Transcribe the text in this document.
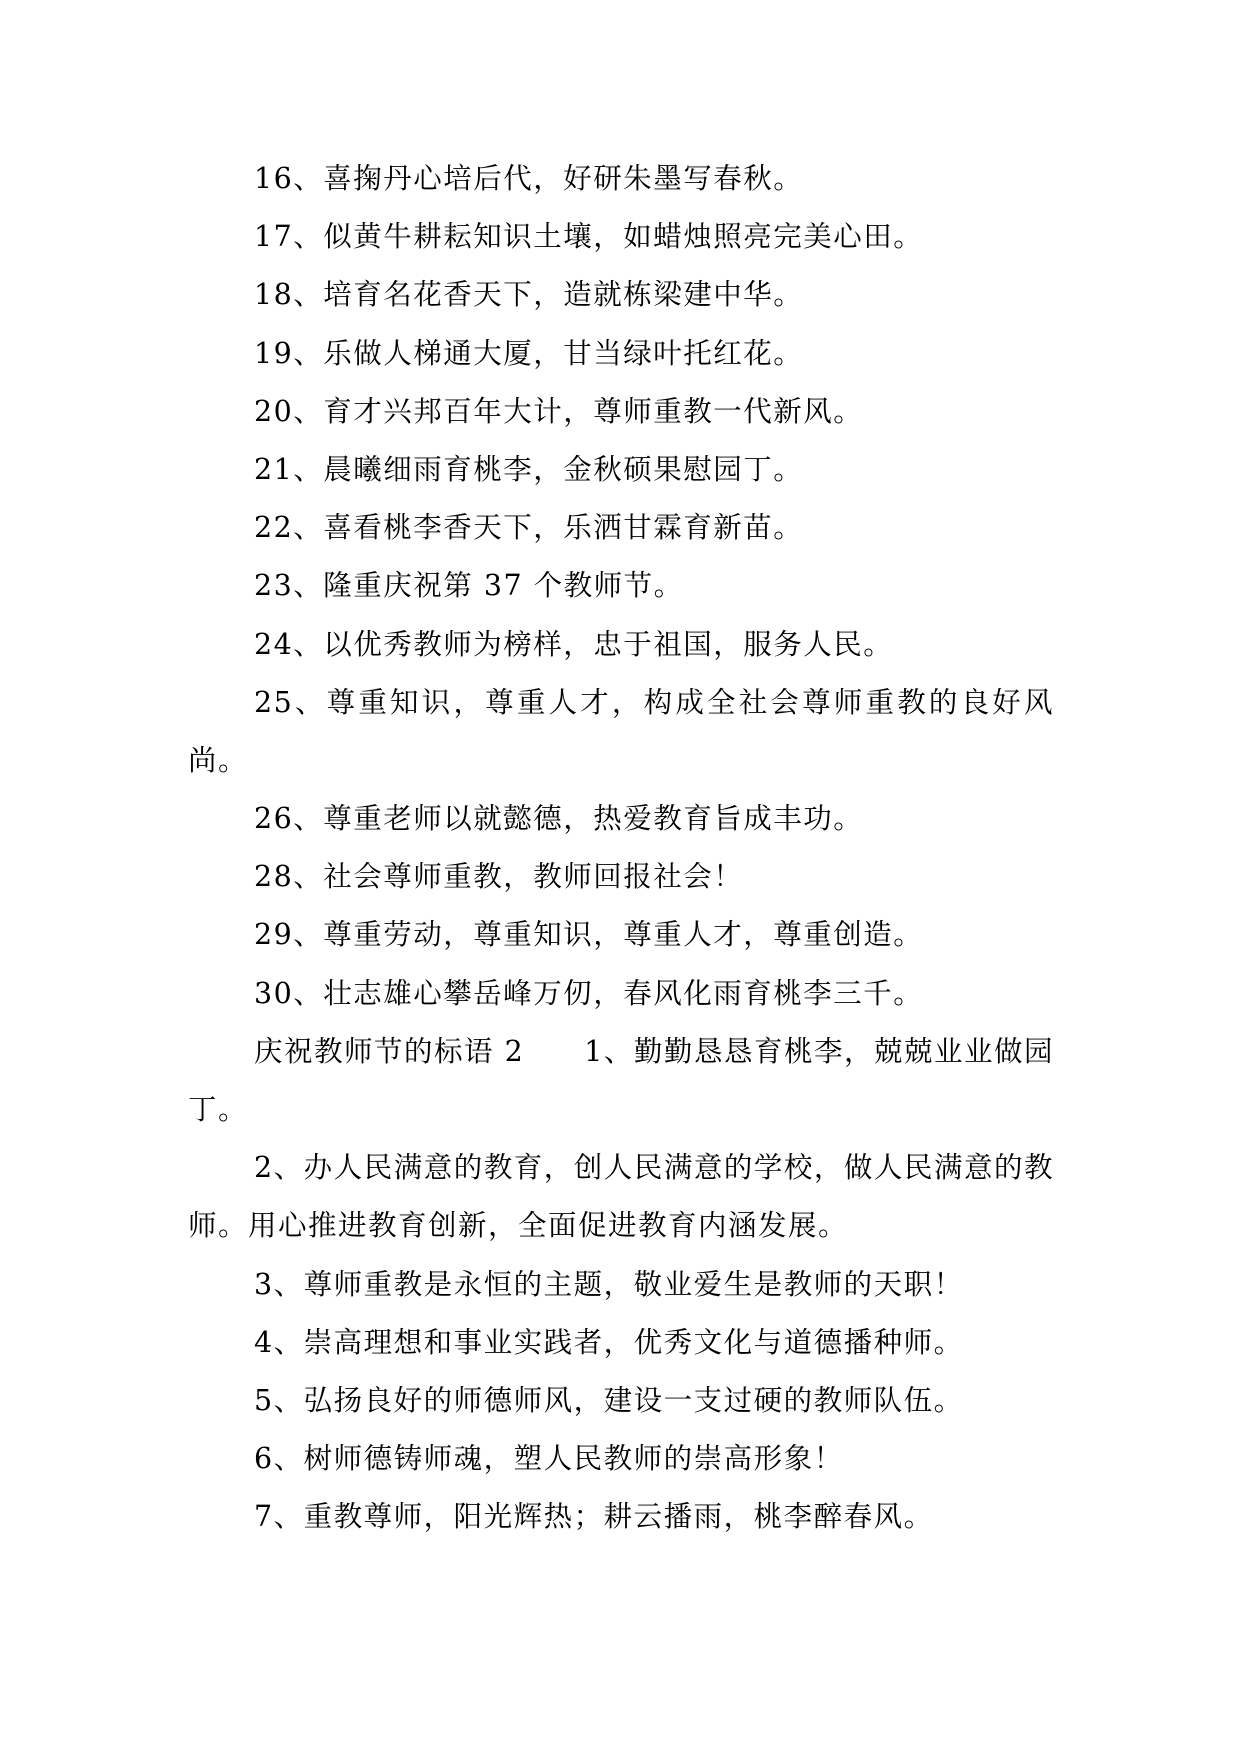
16、喜掬丹心培后代，好研朱墨写春秋。
17、似黄牛耕耘知识土壤，如蜡烛照亮完美心田。
18、培育名花香天下，造就栋梁建中华。
19、乐做人梯通大厦，甘当绿叶托红花。
20、育才兴邦百年大计，尊师重教一代新风。
21、晨曦细雨育桃李，金秋硕果慰园丁。
22、喜看桃李香天下，乐洒甘霖育新苗。
23、隆重庆祝第 37 个教师节。
24、以优秀教师为榜样，忠于祖国，服务人民。
25、尊重知识，尊重人才，构成全社会尊师重教的良好风尚。
26、尊重老师以就懿德，热爱教育旨成丰功。
28、社会尊师重教，教师回报社会！
29、尊重劳动，尊重知识，尊重人才，尊重创造。
30、壮志雄心攀岳峰万仞，春风化雨育桃李三千。
庆祝教师节的标语 2　　1、勤勤恳恳育桃李，兢兢业业做园丁。
2、办人民满意的教育，创人民满意的学校，做人民满意的教师。用心推进教育创新，全面促进教育内涵发展。
3、尊师重教是永恒的主题，敬业爱生是教师的天职！
4、崇高理想和事业实践者，优秀文化与道德播种师。
5、弘扬良好的师德师风，建设一支过硬的教师队伍。
6、树师德铸师魂，塑人民教师的崇高形象！
7、重教尊师，阳光辉热；耕云播雨，桃李醉春风。
